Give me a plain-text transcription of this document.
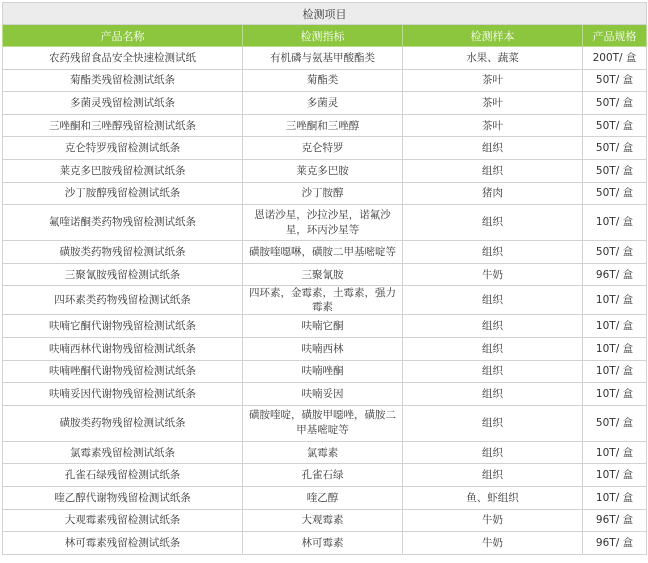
检测项目			
产品名称	检测指标	检测样本	产品规格
农药残留食品安全快速检测试纸	有机磷与氨基甲酸酯类	水果、蔬菜	200T/ 盒
菊酯类残留检测试纸条	菊酯类	茶叶	50T/ 盒
多菌灵残留检测试纸条	多菌灵	茶叶	50T/ 盒
三唑酮和三唑醇残留检测试纸条	三唑酮和三唑醇	茶叶	50T/ 盒
克仑特罗残留检测试纸条	克仑特罗	组织	50T/ 盒
莱克多巴胺残留检测试纸条	莱克多巴胺	组织	50T/ 盒
沙丁胺醇残留检测试纸条	沙丁胺醇	猪肉	50T/ 盒
氟喹诺酮类药物残留检测试纸条	恩诺沙星，沙拉沙星，诺氟沙星，环丙沙星等	组织	10T/ 盒
磺胺类药物残留检测试纸条	磺胺喹噁啉，磺胺二甲基嘧啶等	组织	50T/ 盒
三聚氰胺残留检测试纸条	三聚氰胺	牛奶	96T/ 盒
四环素类药物残留检测试纸条	四环素，金霉素，土霉素，强力霉素	组织	10T/ 盒
呋喃它酮代谢物残留检测试纸条	呋喃它酮	组织	10T/ 盒
呋喃西林代谢物残留检测试纸条	呋喃西林	组织	10T/ 盒
呋喃唑酮代谢物残留检测试纸条	呋喃唑酮	组织	10T/ 盒
呋喃妥因代谢物残留检测试纸条	呋喃妥因	组织	10T/ 盒
磺胺类药物残留检测试纸条	磺胺喹啶，磺胺甲噁唑，磺胺二甲基嘧啶等	组织	50T/ 盒
氯霉素残留检测试纸条	氯霉素	组织	10T/ 盒
孔雀石绿残留检测试纸条	孔雀石绿	组织	10T/ 盒
喹乙醇代谢物残留检测试纸条	喹乙醇	鱼、虾组织	10T/ 盒
大观霉素残留检测试纸条	大观霉素	牛奶	96T/ 盒
林可霉素残留检测试纸条	林可霉素	牛奶	96T/ 盒
